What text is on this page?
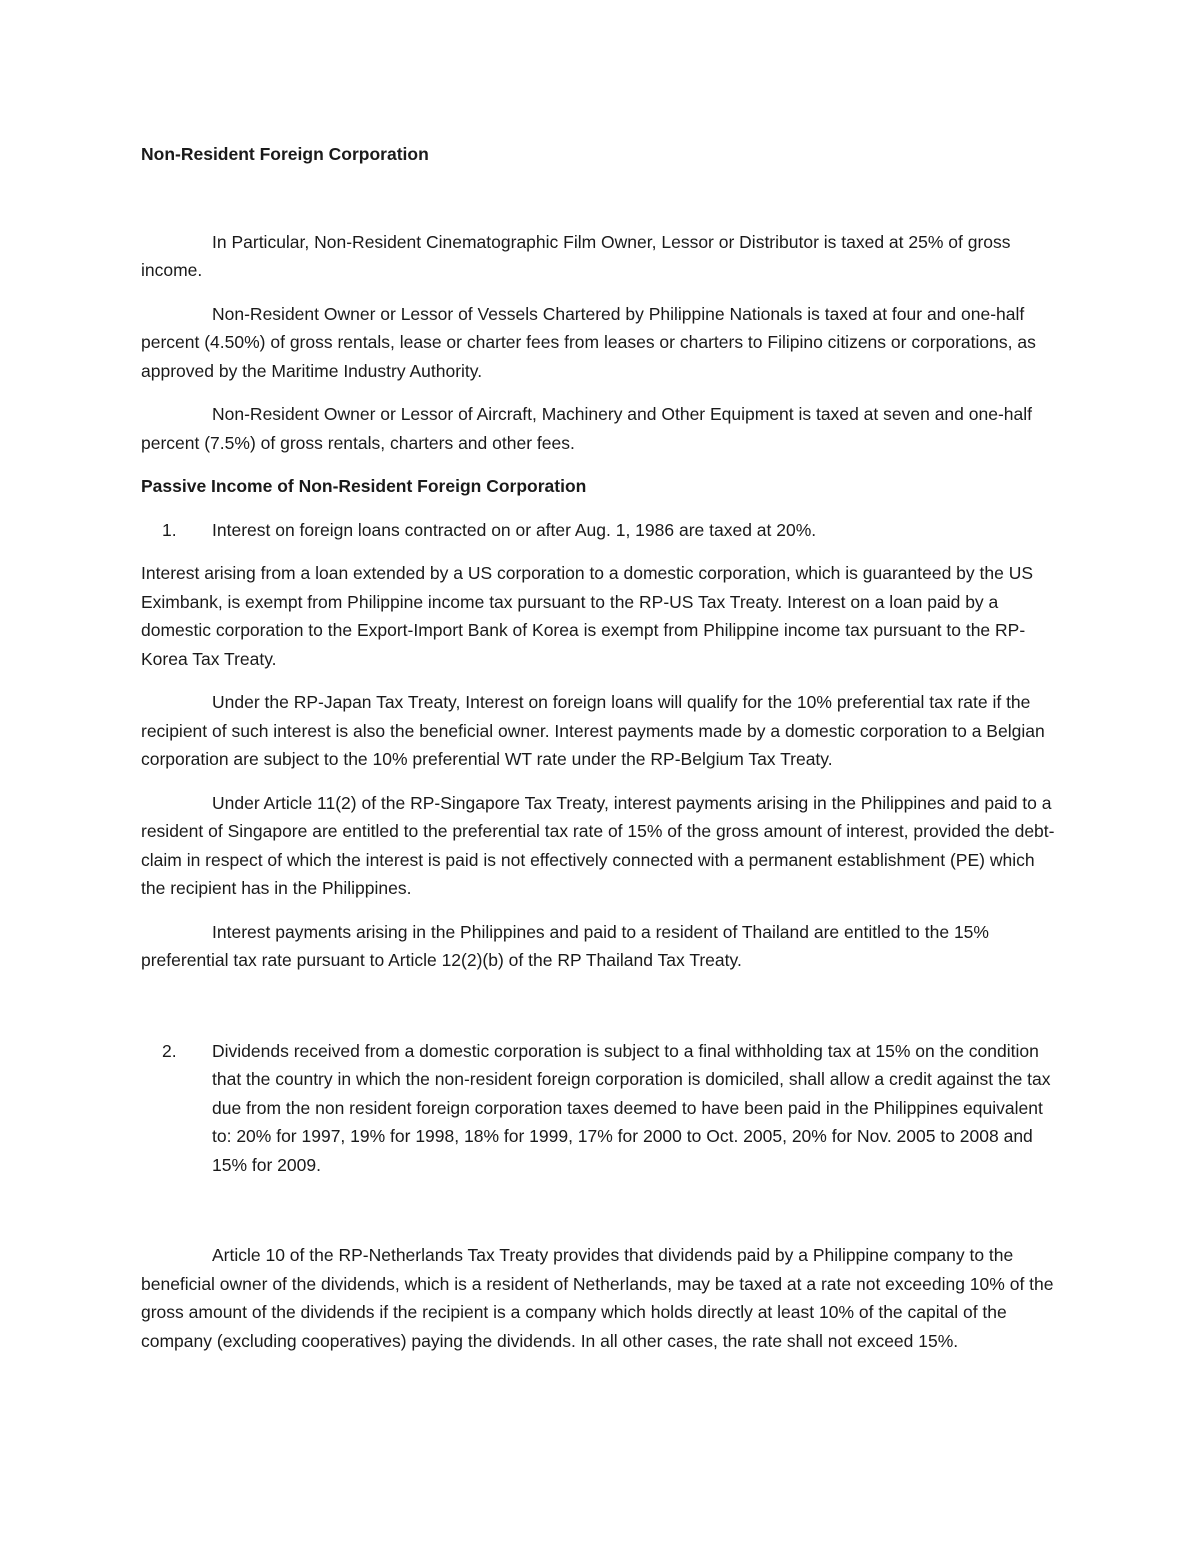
Non-Resident Foreign Corporation

In Particular, Non-Resident Cinematographic Film Owner, Lessor or Distributor is taxed at 25% of gross income.

Non-Resident Owner or Lessor of Vessels Chartered by Philippine Nationals is taxed at four and one-half percent (4.50%) of gross rentals, lease or charter fees from leases or charters to Filipino citizens or corporations, as approved by the Maritime Industry Authority.

Non-Resident Owner or Lessor of Aircraft, Machinery and Other Equipment is taxed at seven and one-half percent (7.5%) of gross rentals, charters and other fees.

Passive Income of Non-Resident Foreign Corporation

1. Interest on foreign loans contracted on or after Aug. 1, 1986 are taxed at 20%.

Interest arising from a loan extended by a US corporation to a domestic corporation, which is guaranteed by the US Eximbank, is exempt from Philippine income tax pursuant to the RP-US Tax Treaty. Interest on a loan paid by a domestic corporation to the Export-Import Bank of Korea is exempt from Philippine income tax pursuant to the RP-Korea Tax Treaty.

Under the RP-Japan Tax Treaty, Interest on foreign loans will qualify for the 10% preferential tax rate if the recipient of such interest is also the beneficial owner. Interest payments made by a domestic corporation to a Belgian corporation are subject to the 10% preferential WT rate under the RP-Belgium Tax Treaty.

Under Article 11(2) of the RP-Singapore Tax Treaty, interest payments arising in the Philippines and paid to a resident of Singapore are entitled to the preferential tax rate of 15% of the gross amount of interest, provided the debt-claim in respect of which the interest is paid is not effectively connected with a permanent establishment (PE) which the recipient has in the Philippines.

Interest payments arising in the Philippines and paid to a resident of Thailand are entitled to the 15% preferential tax rate pursuant to Article 12(2)(b) of the RP Thailand Tax Treaty.

2. Dividends received from a domestic corporation is subject to a final withholding tax at 15% on the condition that the country in which the non-resident foreign corporation is domiciled, shall allow a credit against the tax due from the non resident foreign corporation taxes deemed to have been paid in the Philippines equivalent to: 20% for 1997, 19% for 1998, 18% for 1999, 17% for 2000 to Oct. 2005, 20% for Nov. 2005 to 2008 and 15% for 2009.

Article 10 of the RP-Netherlands Tax Treaty provides that dividends paid by a Philippine company to the beneficial owner of the dividends, which is a resident of Netherlands, may be taxed at a rate not exceeding 10% of the gross amount of the dividends if the recipient is a company which holds directly at least 10% of the capital of the company (excluding cooperatives) paying the dividends. In all other cases, the rate shall not exceed 15%.
